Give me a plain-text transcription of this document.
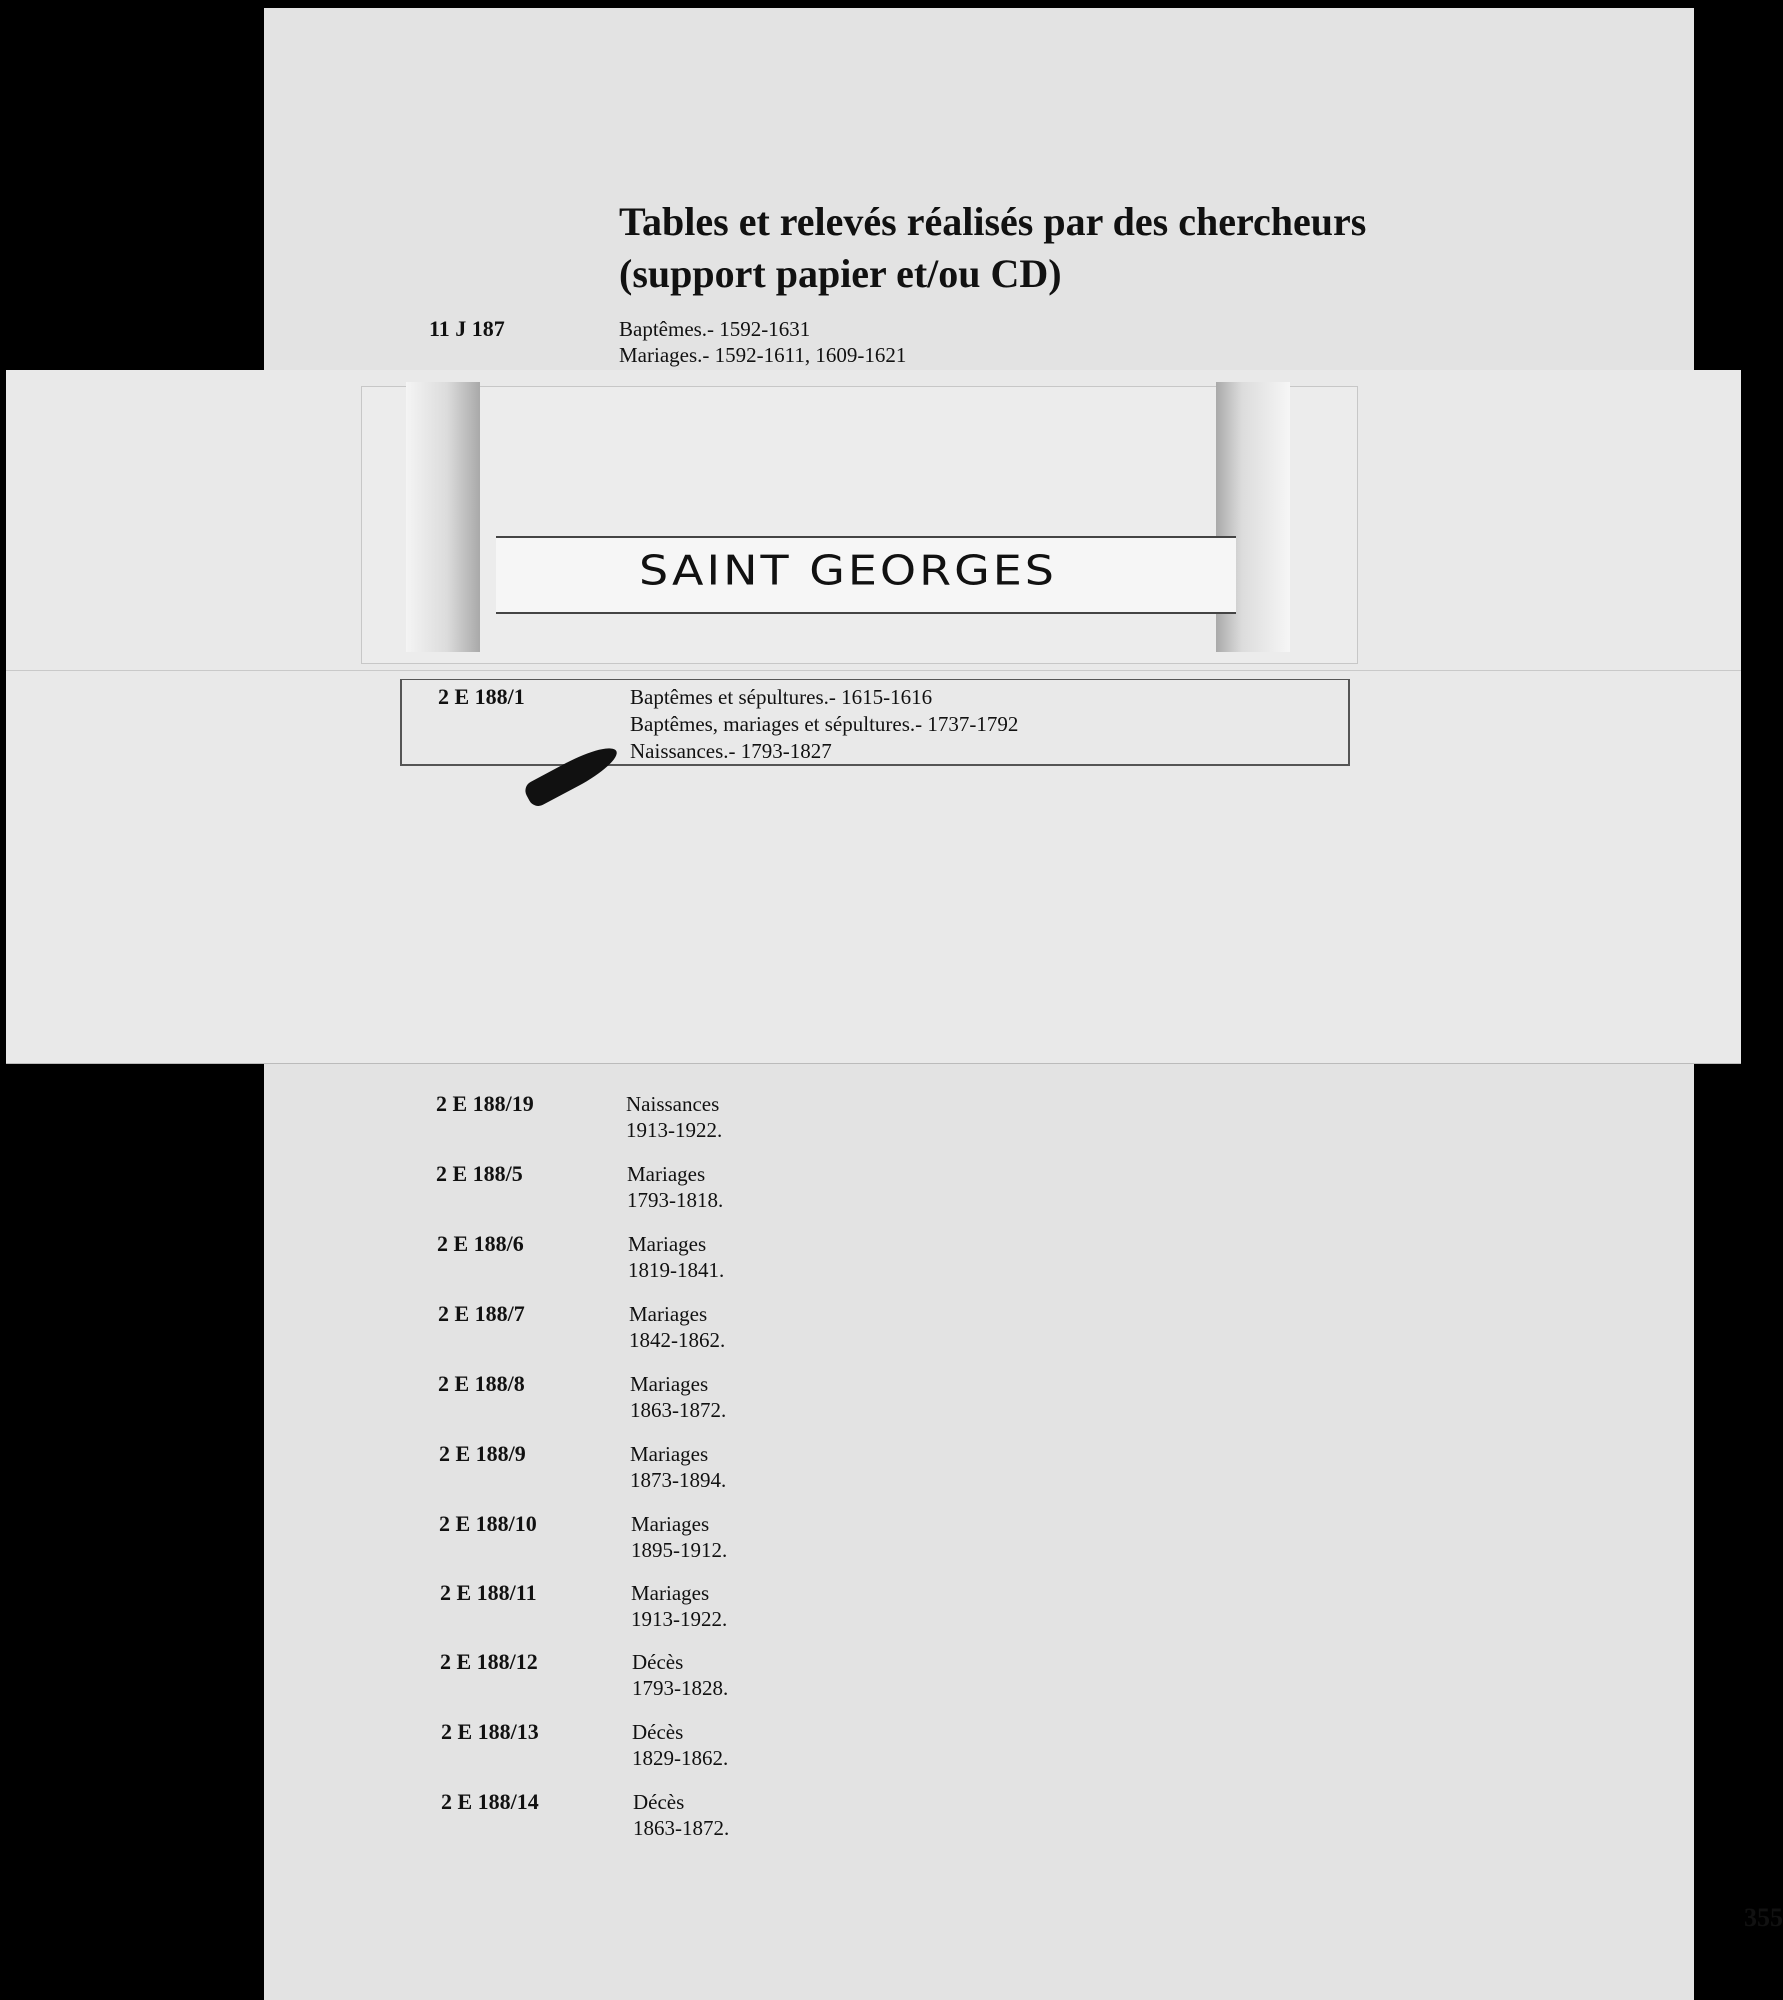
Tables et relevés réalisés par des chercheurs
(support papier et/ou CD)
11 J 187	Baptêmes.- 1592-1631
Mariages.- 1592-1611, 1609-1621
2 E 188/19	Naissances
1913-1922.
2 E 188/5	Mariages
1793-1818.
2 E 188/6	Mariages
1819-1841.
2 E 188/7	Mariages
1842-1862.
2 E 188/8	Mariages
1863-1872.
2 E 188/9	Mariages
1873-1894.
2 E 188/10	Mariages
1895-1912.
2 E 188/11	Mariages
1913-1922.
2 E 188/12	Décès
1793-1828.
2 E 188/13	Décès
1829-1862.
2 E 188/14	Décès
1863-1872.
355
SAINT GEORGES
2 E 188/1	Baptêmes et sépultures.- 1615-1616
Baptêmes, mariages et sépultures.- 1737-1792
Naissances.- 1793-1827
